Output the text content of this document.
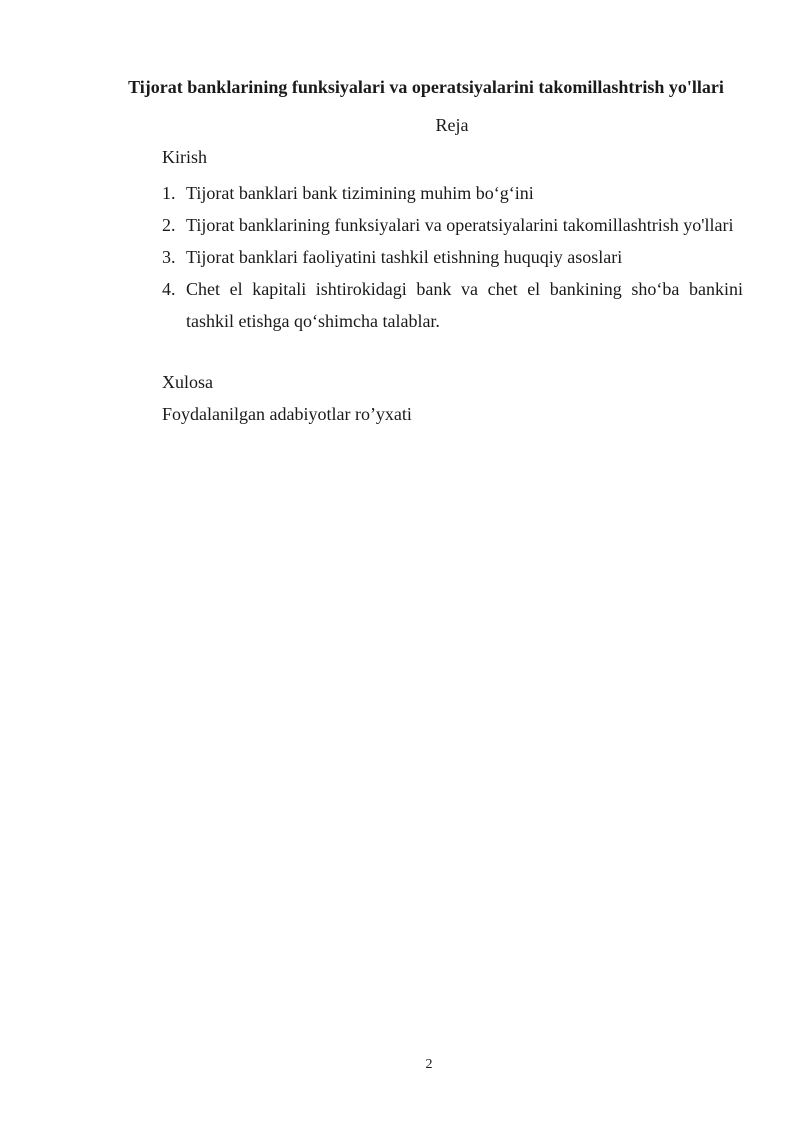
Tijorat banklarining funksiyalari va operatsiyalarini takomillashtrish yo'llari
Reja
Kirish
1. Tijorat banklari bank tizimining muhim bo‘g‘ini
2. Tijorat banklarining funksiyalari va operatsiyalarini takomillashtrish yo'llari
3. Tijorat banklari faoliyatini tashkil etishning huquqiy asoslari
4. Chet el kapitali ishtirokidagi bank va chet el bankining sho‘ba bankini tashkil etishga qo‘shimcha talablar.
Xulosa
Foydalanilgan adabiyotlar ro’yxati
2
